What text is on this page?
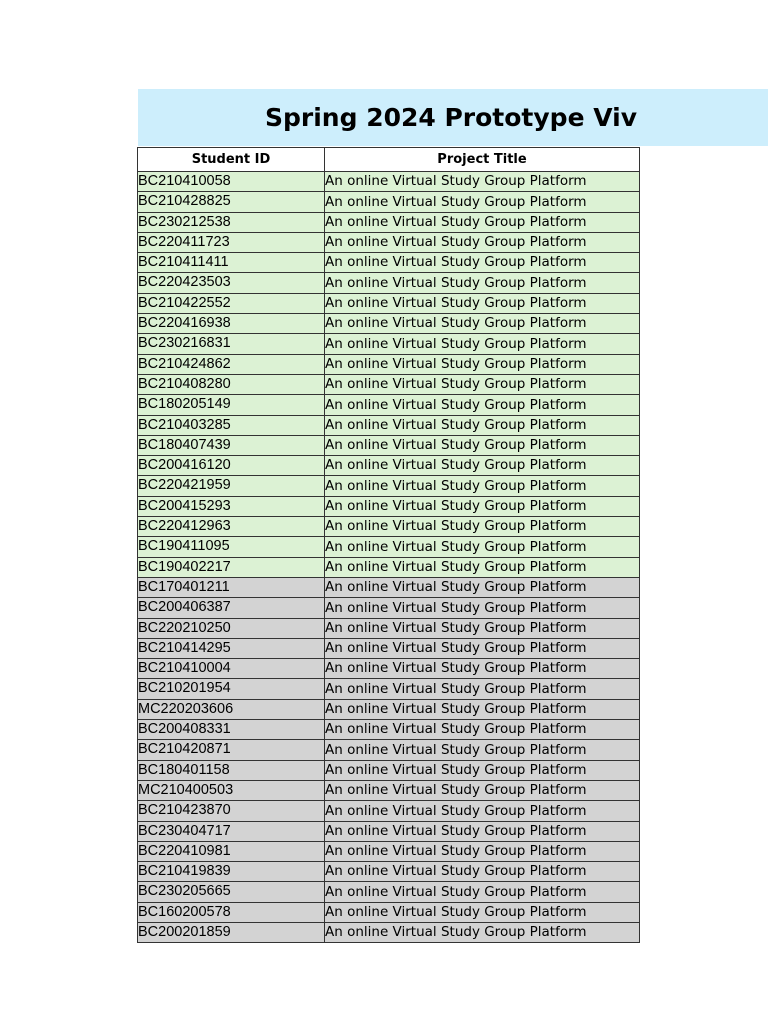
Spring 2024 Prototype Viv
Student ID	Project Title
BC210410058	An online Virtual Study Group Platform
BC210428825	An online Virtual Study Group Platform
BC230212538	An online Virtual Study Group Platform
BC220411723	An online Virtual Study Group Platform
BC210411411	An online Virtual Study Group Platform
BC220423503	An online Virtual Study Group Platform
BC210422552	An online Virtual Study Group Platform
BC220416938	An online Virtual Study Group Platform
BC230216831	An online Virtual Study Group Platform
BC210424862	An online Virtual Study Group Platform
BC210408280	An online Virtual Study Group Platform
BC180205149	An online Virtual Study Group Platform
BC210403285	An online Virtual Study Group Platform
BC180407439	An online Virtual Study Group Platform
BC200416120	An online Virtual Study Group Platform
BC220421959	An online Virtual Study Group Platform
BC200415293	An online Virtual Study Group Platform
BC220412963	An online Virtual Study Group Platform
BC190411095	An online Virtual Study Group Platform
BC190402217	An online Virtual Study Group Platform
BC170401211	An online Virtual Study Group Platform
BC200406387	An online Virtual Study Group Platform
BC220210250	An online Virtual Study Group Platform
BC210414295	An online Virtual Study Group Platform
BC210410004	An online Virtual Study Group Platform
BC210201954	An online Virtual Study Group Platform
MC220203606	An online Virtual Study Group Platform
BC200408331	An online Virtual Study Group Platform
BC210420871	An online Virtual Study Group Platform
BC180401158	An online Virtual Study Group Platform
MC210400503	An online Virtual Study Group Platform
BC210423870	An online Virtual Study Group Platform
BC230404717	An online Virtual Study Group Platform
BC220410981	An online Virtual Study Group Platform
BC210419839	An online Virtual Study Group Platform
BC230205665	An online Virtual Study Group Platform
BC160200578	An online Virtual Study Group Platform
BC200201859	An online Virtual Study Group Platform
